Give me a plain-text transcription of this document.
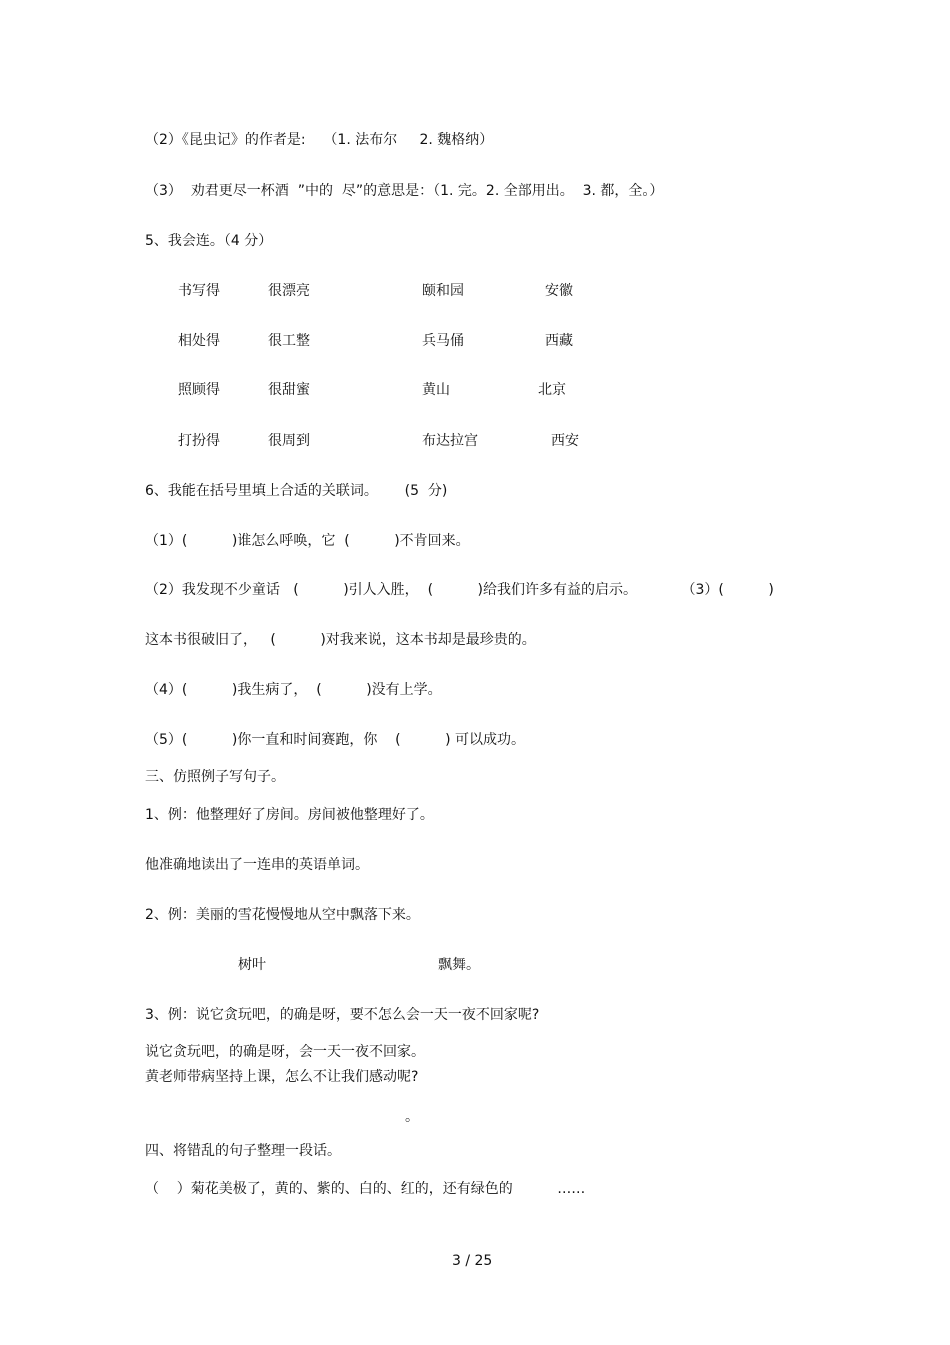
（2）《昆虫记》的作者是:    （1. 法布尔     2. 魏格纳）
（3）  劝君更尽一杯酒  ”中的  尽”的意思是：（1. 完。2. 全部用出。  3. 都，全。）
5、我会连。（4 分）
书写得	很漂亮	颐和园	安徽
相处得	很工整	兵马俑	西藏
照顾得	很甜蜜	黄山	北京
打扮得	很周到	布达拉宫	西安
6、我能在括号里填上合适的关联词。      (5  分)
（1）(          )谁怎么呼唤，它  (          )不肯回来。
（2）我发现不少童话   (          )引人入胜，  (          )给我们许多有益的启示。          （3）(          )
这本书很破旧了，   (          )对我来说，这本书却是最珍贵的。
（4）(          )我生病了，  (          )没有上学。
（5）(          )你一直和时间赛跑，你    (          ) 可以成功。
三、仿照例子写句子。
1、例：他整理好了房间。房间被他整理好了。
他准确地读出了一连串的英语单词。
2、例：美丽的雪花慢慢地从空中飘落下来。
树叶	飘舞。
3、例：说它贪玩吧，的确是呀，要不怎么会一天一夜不回家呢?
说它贪玩吧，的确是呀，会一天一夜不回家。
黄老师带病坚持上课，怎么不让我们感动呢?
。
四、将错乱的句子整理一段话。
（    ）菊花美极了，黄的、紫的、白的、红的，还有绿色的          ……
3 / 25
